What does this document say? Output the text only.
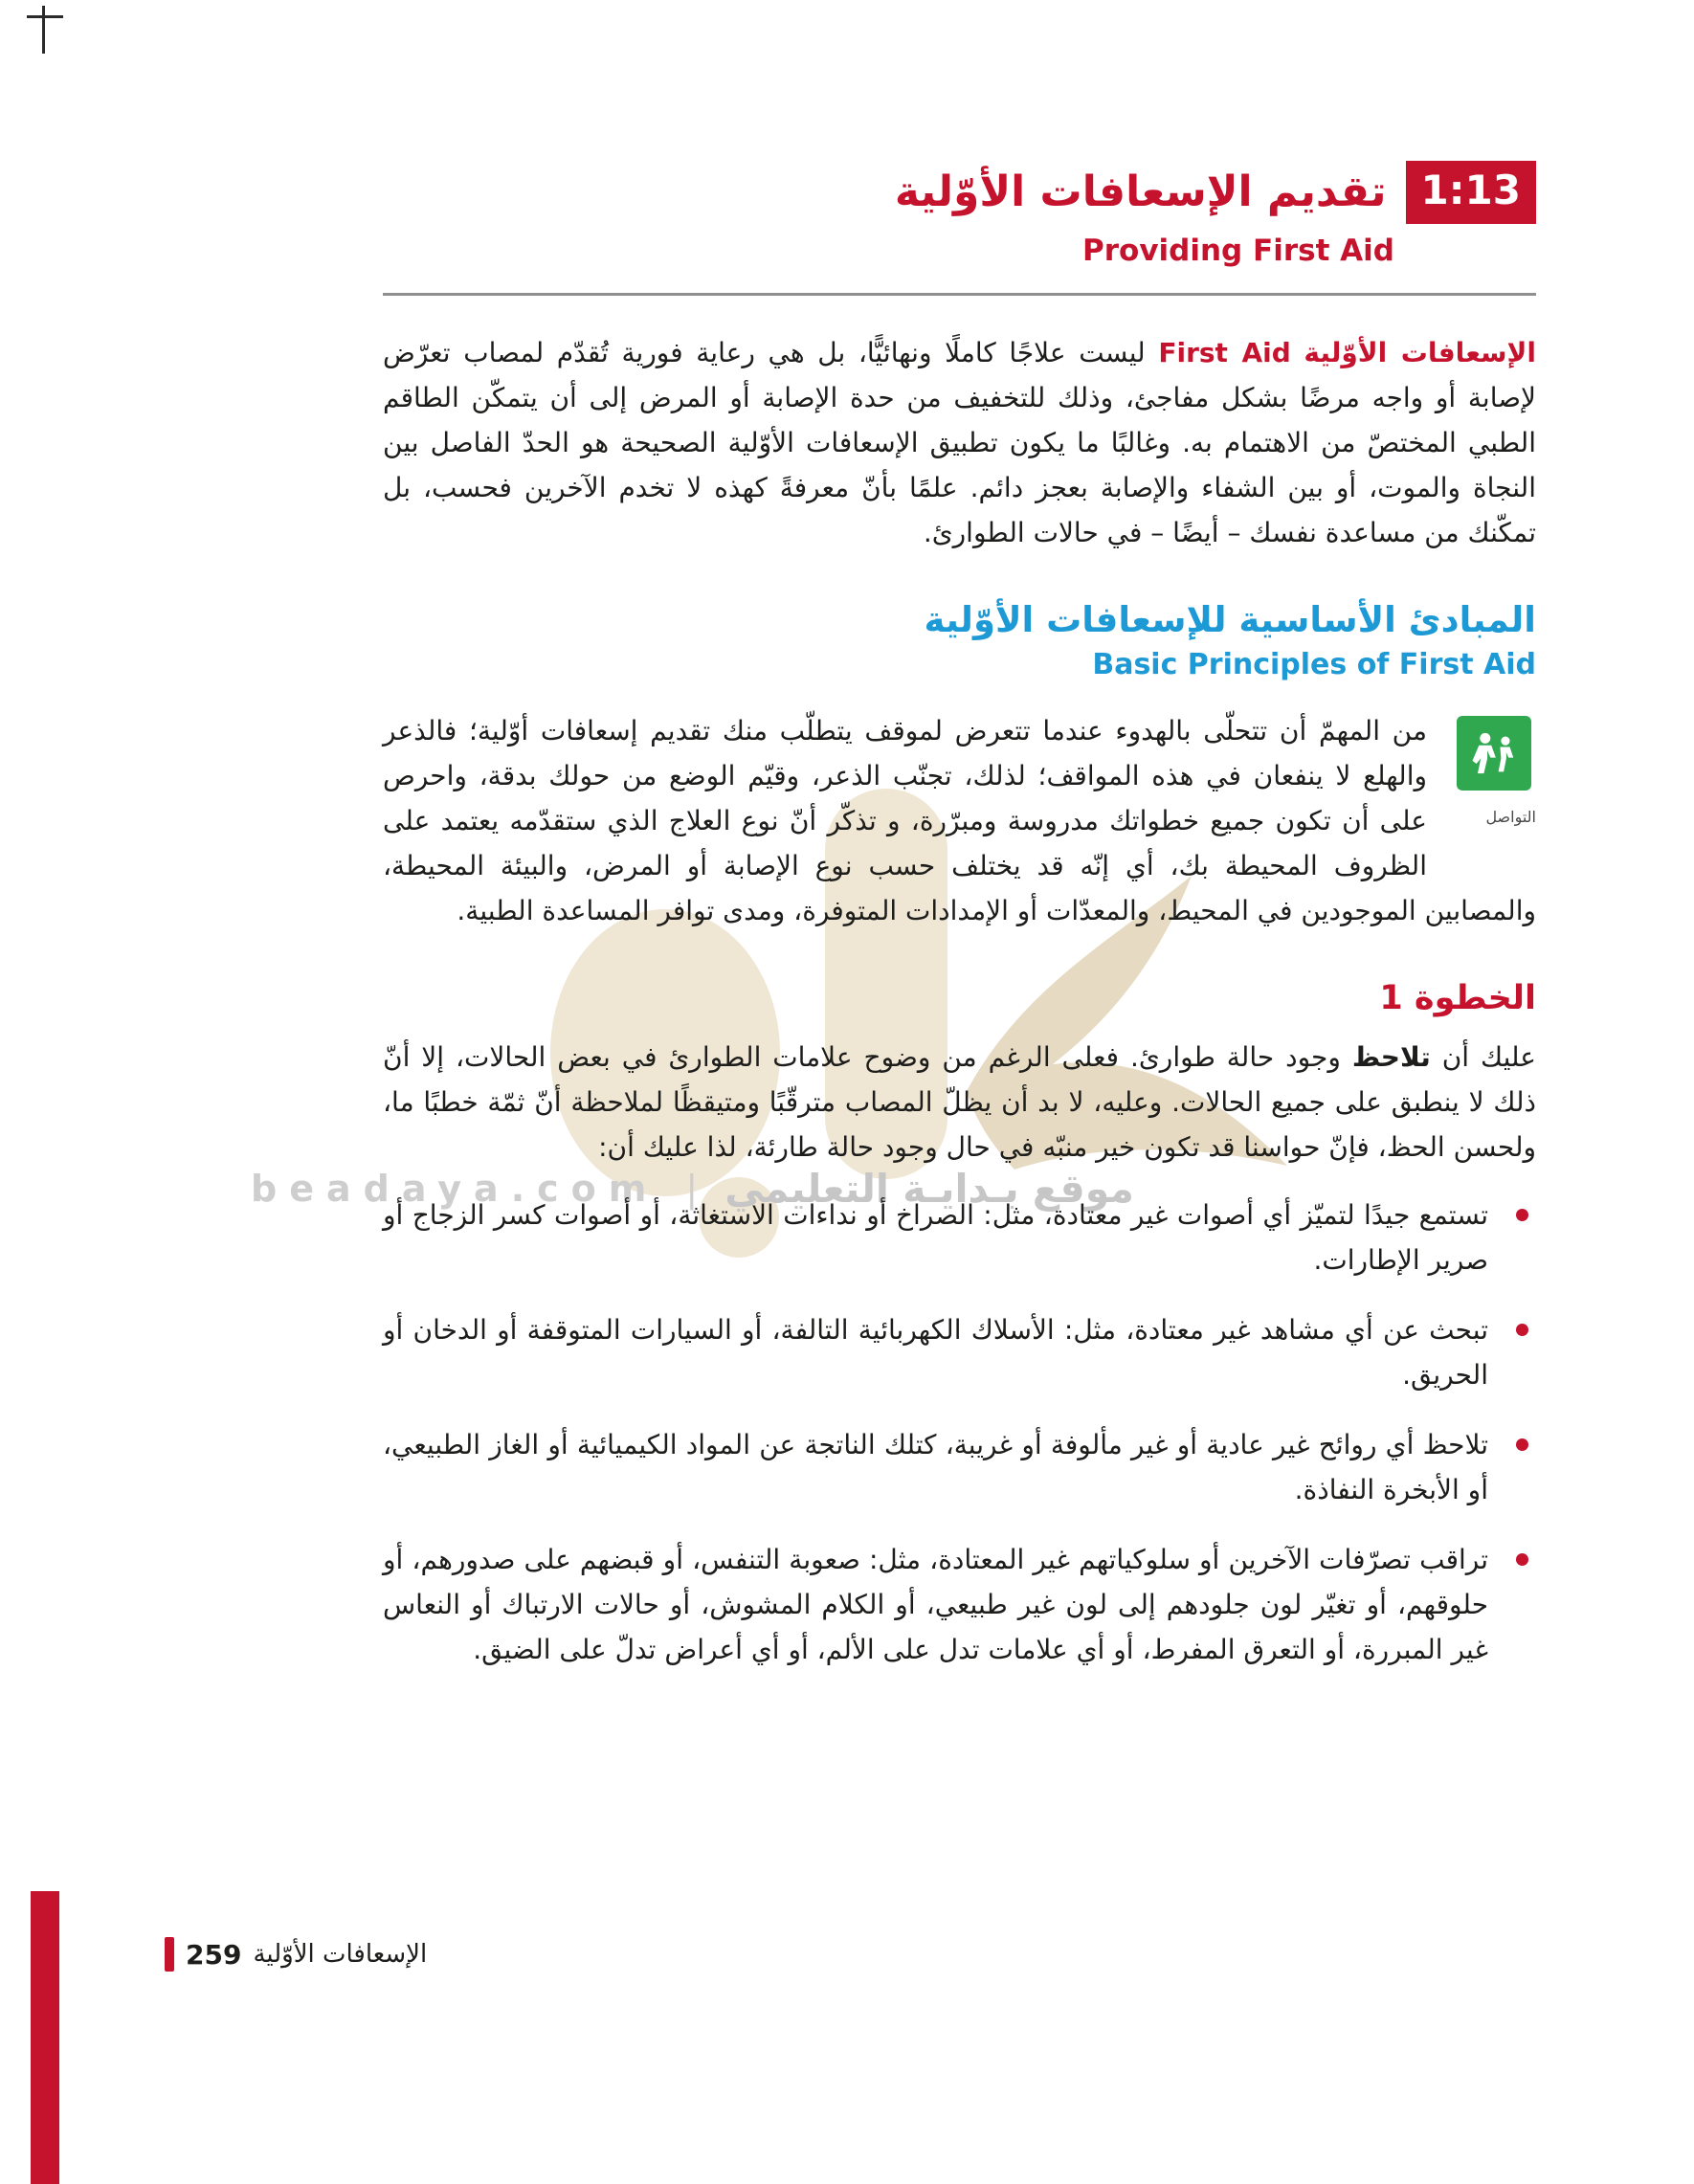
beadaya.com | موقع بـدايـة التعليمي
1:13
تقديم الإسعافات الأوّلية
Providing First Aid

الإسعافات الأوّلية First Aid ليست علاجًا كاملًا ونهائيًّا، بل هي رعاية فورية تُقدّم لمصاب تعرّض لإصابة أو واجه مرضًا بشكل مفاجئ، وذلك للتخفيف من حدة الإصابة أو المرض إلى أن يتمكّن الطاقم الطبي المختصّ من الاهتمام به. وغالبًا ما يكون تطبيق الإسعافات الأوّلية الصحيحة هو الحدّ الفاصل بين النجاة والموت، أو بين الشفاء والإصابة بعجز دائم. علمًا بأنّ معرفةً كهذه لا تخدم الآخرين فحسب، بل تمكّنك من مساعدة نفسك – أيضًا – في حالات الطوارئ.

المبادئ الأساسية للإسعافات الأوّلية
Basic Principles of First Aid

التواصل
من المهمّ أن تتحلّى بالهدوء عندما تتعرض لموقف يتطلّب منك تقديم إسعافات أوّلية؛ فالذعر والهلع لا ينفعان في هذه المواقف؛ لذلك، تجنّب الذعر، وقيّم الوضع من حولك بدقة، واحرص على أن تكون جميع خطواتك مدروسة ومبرّرة، و تذكّر أنّ نوع العلاج الذي ستقدّمه يعتمد على الظروف المحيطة بك، أي إنّه قد يختلف حسب نوع الإصابة أو المرض، والبيئة المحيطة، والمصابين الموجودين في المحيط، والمعدّات أو الإمدادات المتوفرة، ومدى توافر المساعدة الطبية.

الخطوة 1

عليك أن تلاحظ وجود حالة طوارئ. فعلى الرغم من وضوح علامات الطوارئ في بعض الحالات، إلا أنّ ذلك لا ينطبق على جميع الحالات. وعليه، لا بد أن يظلّ المصاب مترقّبًا ومتيقظًا لملاحظة أنّ ثمّة خطبًا ما، ولحسن الحظ، فإنّ حواسنا قد تكون خير منبّه في حال وجود حالة طارئة، لذا عليك أن:

تستمع جيدًا لتميّز أي أصوات غير معتادة، مثل: الصراخ أو نداءات الاستغاثة، أو أصوات كسر الزجاج أو صرير الإطارات.
تبحث عن أي مشاهد غير معتادة، مثل: الأسلاك الكهربائية التالفة، أو السيارات المتوقفة أو الدخان أو الحريق.
تلاحظ أي روائح غير عادية أو غير مألوفة أو غريبة، كتلك الناتجة عن المواد الكيميائية أو الغاز الطبيعي، أو الأبخرة النفاذة.
تراقب تصرّفات الآخرين أو سلوكياتهم غير المعتادة، مثل: صعوبة التنفس، أو قبضهم على صدورهم، أو حلوقهم، أو تغيّر لون جلودهم إلى لون غير طبيعي، أو الكلام المشوش، أو حالات الارتباك أو النعاس غير المبررة، أو التعرق المفرط، أو أي علامات تدل على الألم، أو أي أعراض تدلّ على الضيق.
259 الإسعافات الأوّلية
